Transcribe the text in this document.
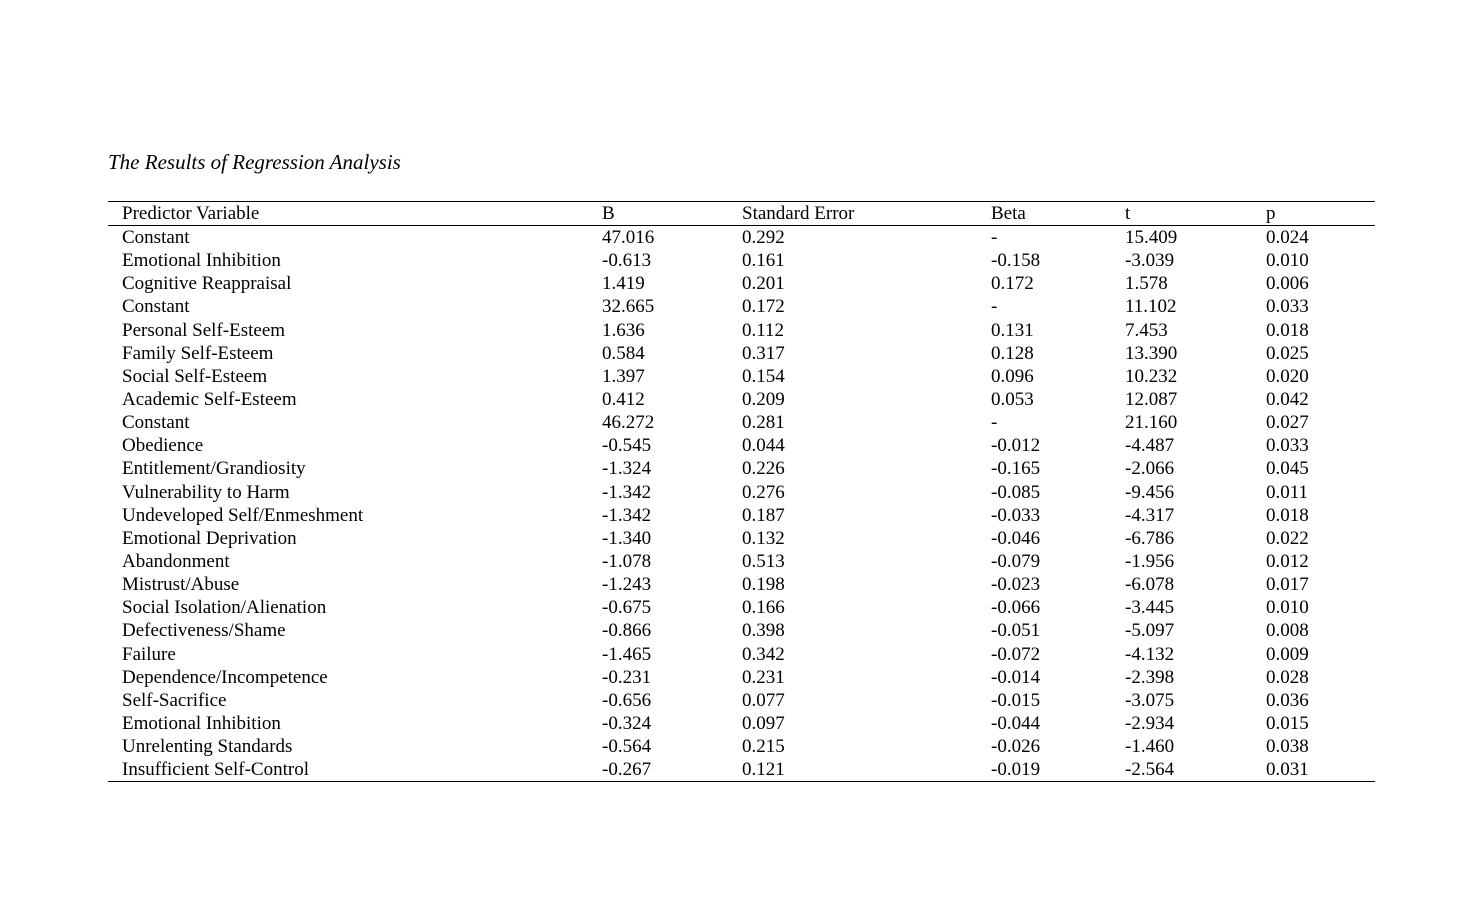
The Results of Regression Analysis
Predictor Variable	B	Standard Error	Beta	t	p
Constant	47.016	0.292	-	15.409	0.024
Emotional Inhibition	-0.613	0.161	-0.158	-3.039	0.010
Cognitive Reappraisal	1.419	0.201	0.172	1.578	0.006
Constant	32.665	0.172	-	11.102	0.033
Personal Self-Esteem	1.636	0.112	0.131	7.453	0.018
Family Self-Esteem	0.584	0.317	0.128	13.390	0.025
Social Self-Esteem	1.397	0.154	0.096	10.232	0.020
Academic Self-Esteem	0.412	0.209	0.053	12.087	0.042
Constant	46.272	0.281	-	21.160	0.027
Obedience	-0.545	0.044	-0.012	-4.487	0.033
Entitlement/Grandiosity	-1.324	0.226	-0.165	-2.066	0.045
Vulnerability to Harm	-1.342	0.276	-0.085	-9.456	0.011
Undeveloped Self/Enmeshment	-1.342	0.187	-0.033	-4.317	0.018
Emotional Deprivation	-1.340	0.132	-0.046	-6.786	0.022
Abandonment	-1.078	0.513	-0.079	-1.956	0.012
Mistrust/Abuse	-1.243	0.198	-0.023	-6.078	0.017
Social Isolation/Alienation	-0.675	0.166	-0.066	-3.445	0.010
Defectiveness/Shame	-0.866	0.398	-0.051	-5.097	0.008
Failure	-1.465	0.342	-0.072	-4.132	0.009
Dependence/Incompetence	-0.231	0.231	-0.014	-2.398	0.028
Self-Sacrifice	-0.656	0.077	-0.015	-3.075	0.036
Emotional Inhibition	-0.324	0.097	-0.044	-2.934	0.015
Unrelenting Standards	-0.564	0.215	-0.026	-1.460	0.038
Insufficient Self-Control	-0.267	0.121	-0.019	-2.564	0.031
